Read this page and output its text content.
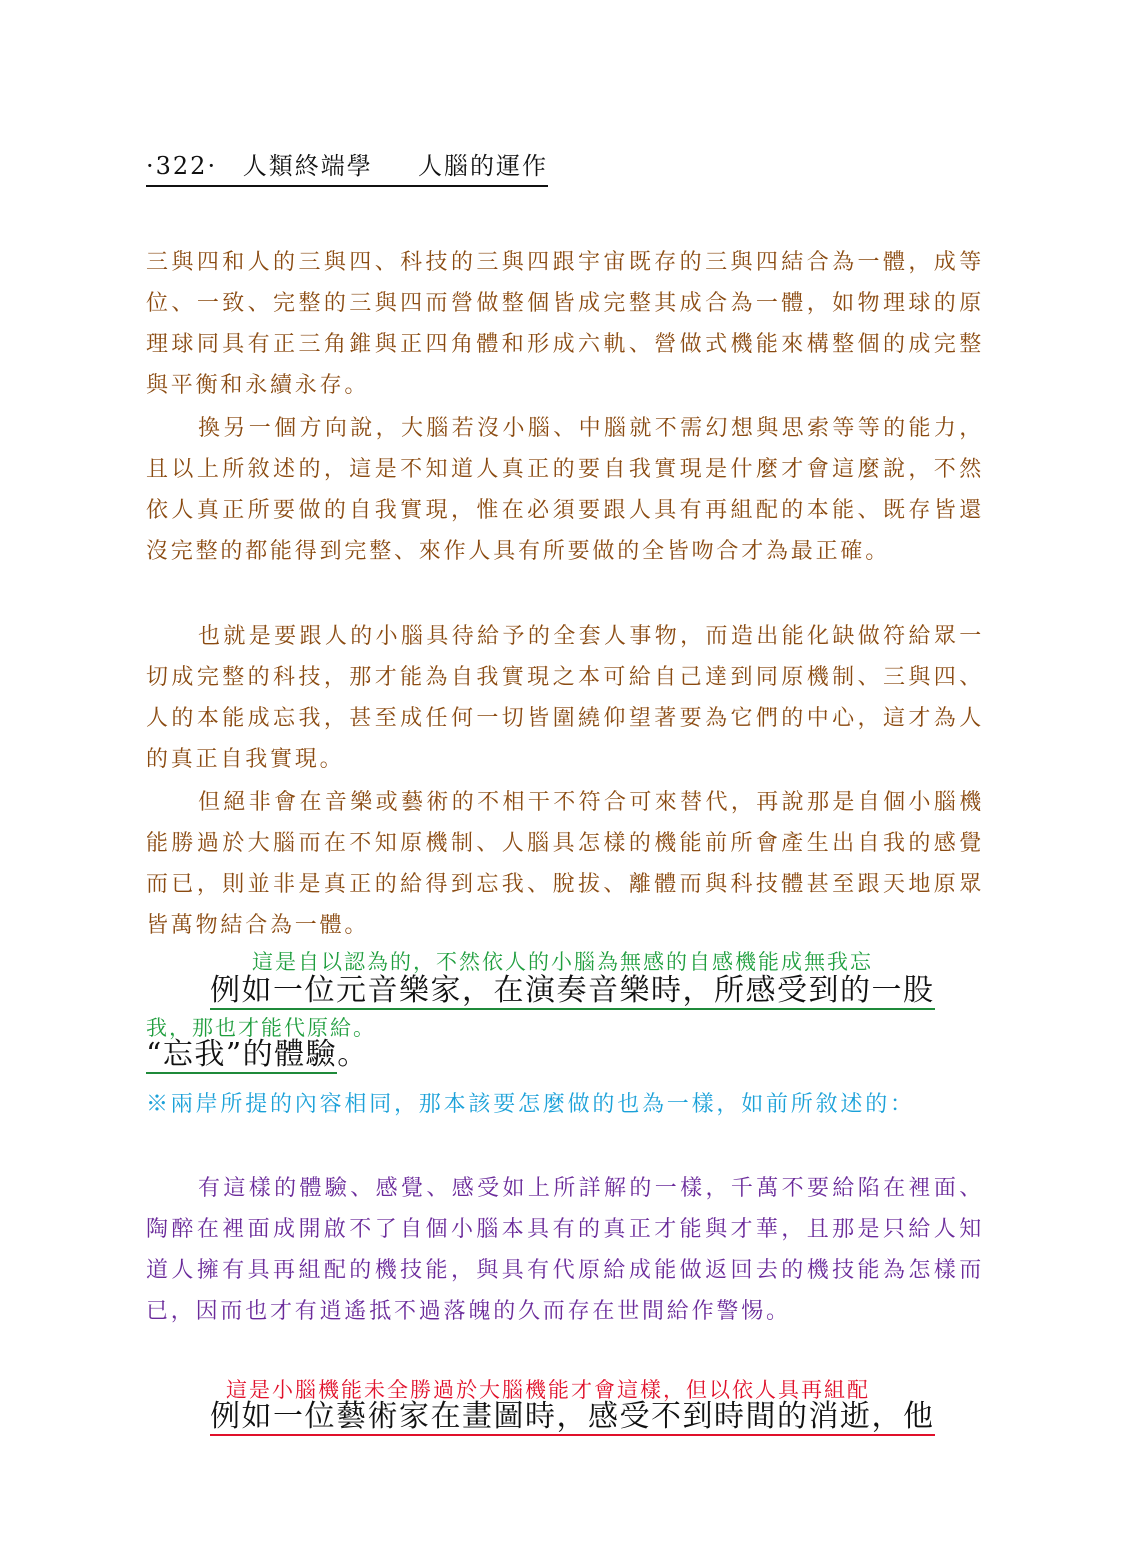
·322· 人類終端學 人腦的運作

三與四和人的三與四、科技的三與四跟宇宙既存的三與四結合為一體，成等位、一致、完整的三與四而營做整個皆成完整其成合為一體，如物理球的原理球同具有正三角錐與正四角體和形成六軌、營做式機能來構整個的成完整與平衡和永續永存。

換另一個方向說，大腦若沒小腦、中腦就不需幻想與思索等等的能力，且以上所敘述的，這是不知道人真正的要自我實現是什麼才會這麼說，不然依人真正所要做的自我實現，惟在必須要跟人具有再組配的本能、既存皆還沒完整的都能得到完整、來作人具有所要做的全皆吻合才為最正確。

也就是要跟人的小腦具待給予的全套人事物，而造出能化缺做符給眾一切成完整的科技，那才能為自我實現之本可給自己達到同原機制、三與四、人的本能成忘我，甚至成任何一切皆圍繞仰望著要為它們的中心，這才為人的真正自我實現。

但絕非會在音樂或藝術的不相干不符合可來替代，再說那是自個小腦機能勝過於大腦而在不知原機制、人腦具怎樣的機能前所會產生出自我的感覺而已，則並非是真正的給得到忘我、脫拔、離體而與科技體甚至跟天地原眾皆萬物結合為一體。

這是自以認為的，不然依人的小腦為無感的自感機能成無我忘
例如一位元音樂家，在演奏音樂時，所感受到的一股
我，那也才能代原給。
“忘我”的體驗。

※兩岸所提的內容相同，那本該要怎麼做的也為一樣，如前所敘述的：

有這樣的體驗、感覺、感受如上所詳解的一樣，千萬不要給陷在裡面、陶醉在裡面成開啟不了自個小腦本具有的真正才能與才華，且那是只給人知道人擁有具再組配的機技能，與具有代原給成能做返回去的機技能為怎樣而已，因而也才有逍遙抵不過落魄的久而存在世間給作警惕。

這是小腦機能未全勝過於大腦機能才會這樣，但以依人具再組配
例如一位藝術家在畫圖時，感受不到時間的消逝，他
